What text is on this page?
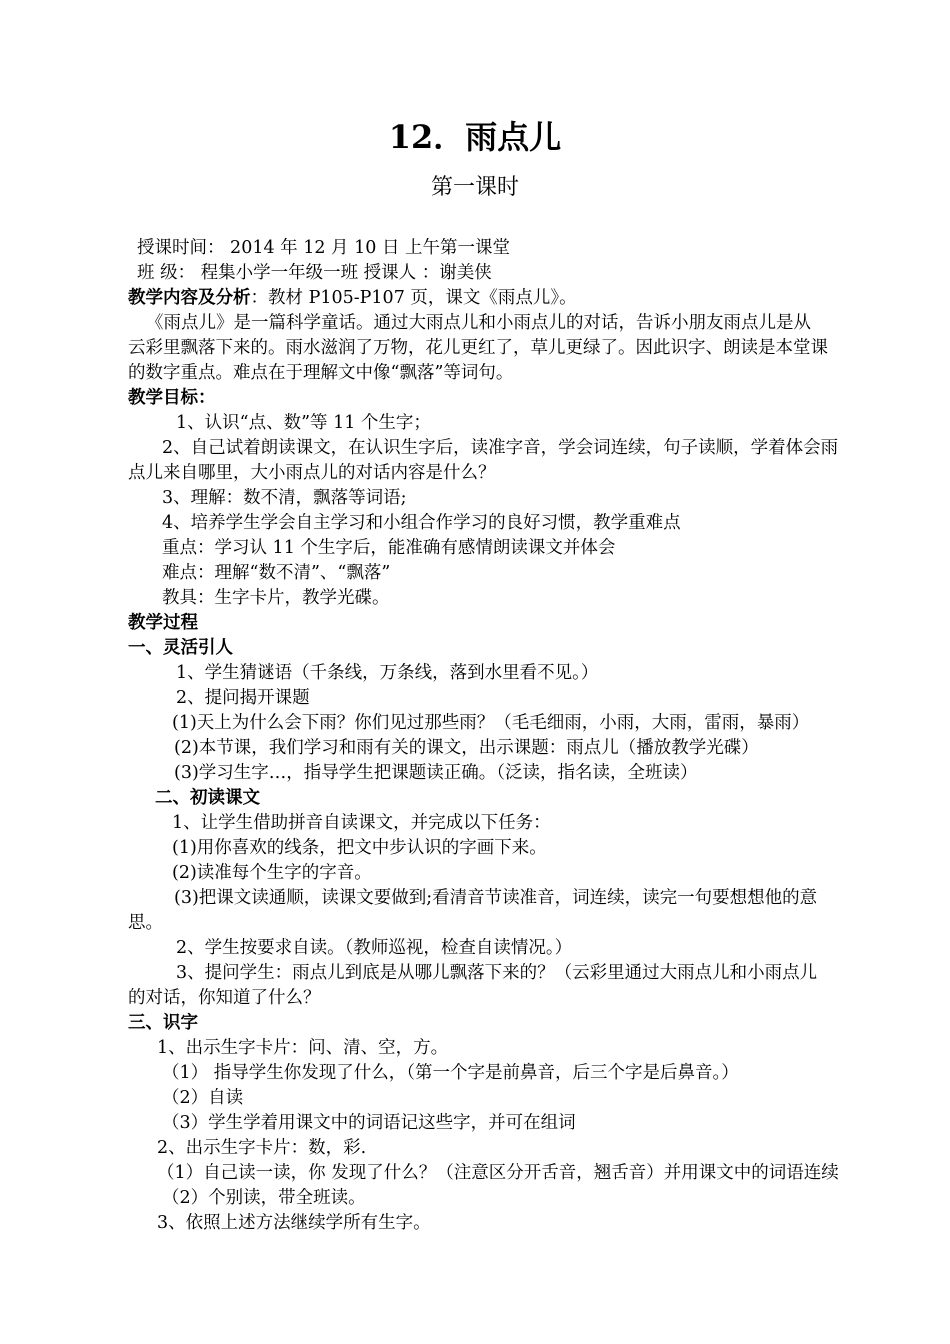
12．雨点儿
第一课时
授课时间： 2014 年 12 月 10 日 上午第一课堂
班 级： 程集小学一年级一班 授课人 ：谢美侠
教学内容及分析：教材 P105-P107 页，课文《雨点儿》。
《雨点儿》是一篇科学童话。通过大雨点儿和小雨点儿的对话，告诉小朋友雨点儿是从
云彩里飘落下来的。雨水滋润了万物，花儿更红了，草儿更绿了。因此识字、朗读是本堂课
的数字重点。难点在于理解文中像“飘落”等词句。
教学目标：
1、认识“点、数”等 11 个生字；
2、自己试着朗读课文，在认识生字后，读准字音，学会词连续，句子读顺，学着体会雨
点儿来自哪里，大小雨点儿的对话内容是什么？
3、理解：数不清，飘落等词语;
4、培养学生学会自主学习和小组合作学习的良好习惯，教学重难点
重点：学习认 11 个生字后，能准确有感情朗读课文并体会
难点：理解“数不清”、“飘落”
教具：生字卡片，教学光碟。
教学过程
一、灵活引人
1、学生猜谜语（千条线，万条线，落到水里看不见。）
2、提问揭开课题
(1)天上为什么会下雨？你们见过那些雨？（毛毛细雨，小雨，大雨，雷雨，暴雨）
(2)本节课，我们学习和雨有关的课文，出示课题：雨点儿（播放教学光碟）
(3)学习生字…，指导学生把课题读正确。（泛读，指名读，全班读）
二、初读课文
1、让学生借助拼音自读课文，并完成以下任务：
(1)用你喜欢的线条，把文中步认识的字画下来。
(2)读准每个生字的字音。
(3)把课文读通顺，读课文要做到;看清音节读准音，词连续，读完一句要想想他的意
思。
2、学生按要求自读。（教师巡视，检查自读情况。）
3、提问学生：雨点儿到底是从哪儿飘落下来的？（云彩里通过大雨点儿和小雨点儿
的对话，你知道了什么？
三、识字
1、出示生字卡片：问、清、空，方。
（1） 指导学生你发现了什么，（第一个字是前鼻音，后三个字是后鼻音。）
（2）自读
（3）学生学着用课文中的词语记这些字，并可在组词
2、出示生字卡片：数，彩.
（1）自己读一读，你 发现了什么？（注意区分开舌音，翘舌音）并用课文中的词语连续
（2）个别读，带全班读。
3、依照上述方法继续学所有生字。
